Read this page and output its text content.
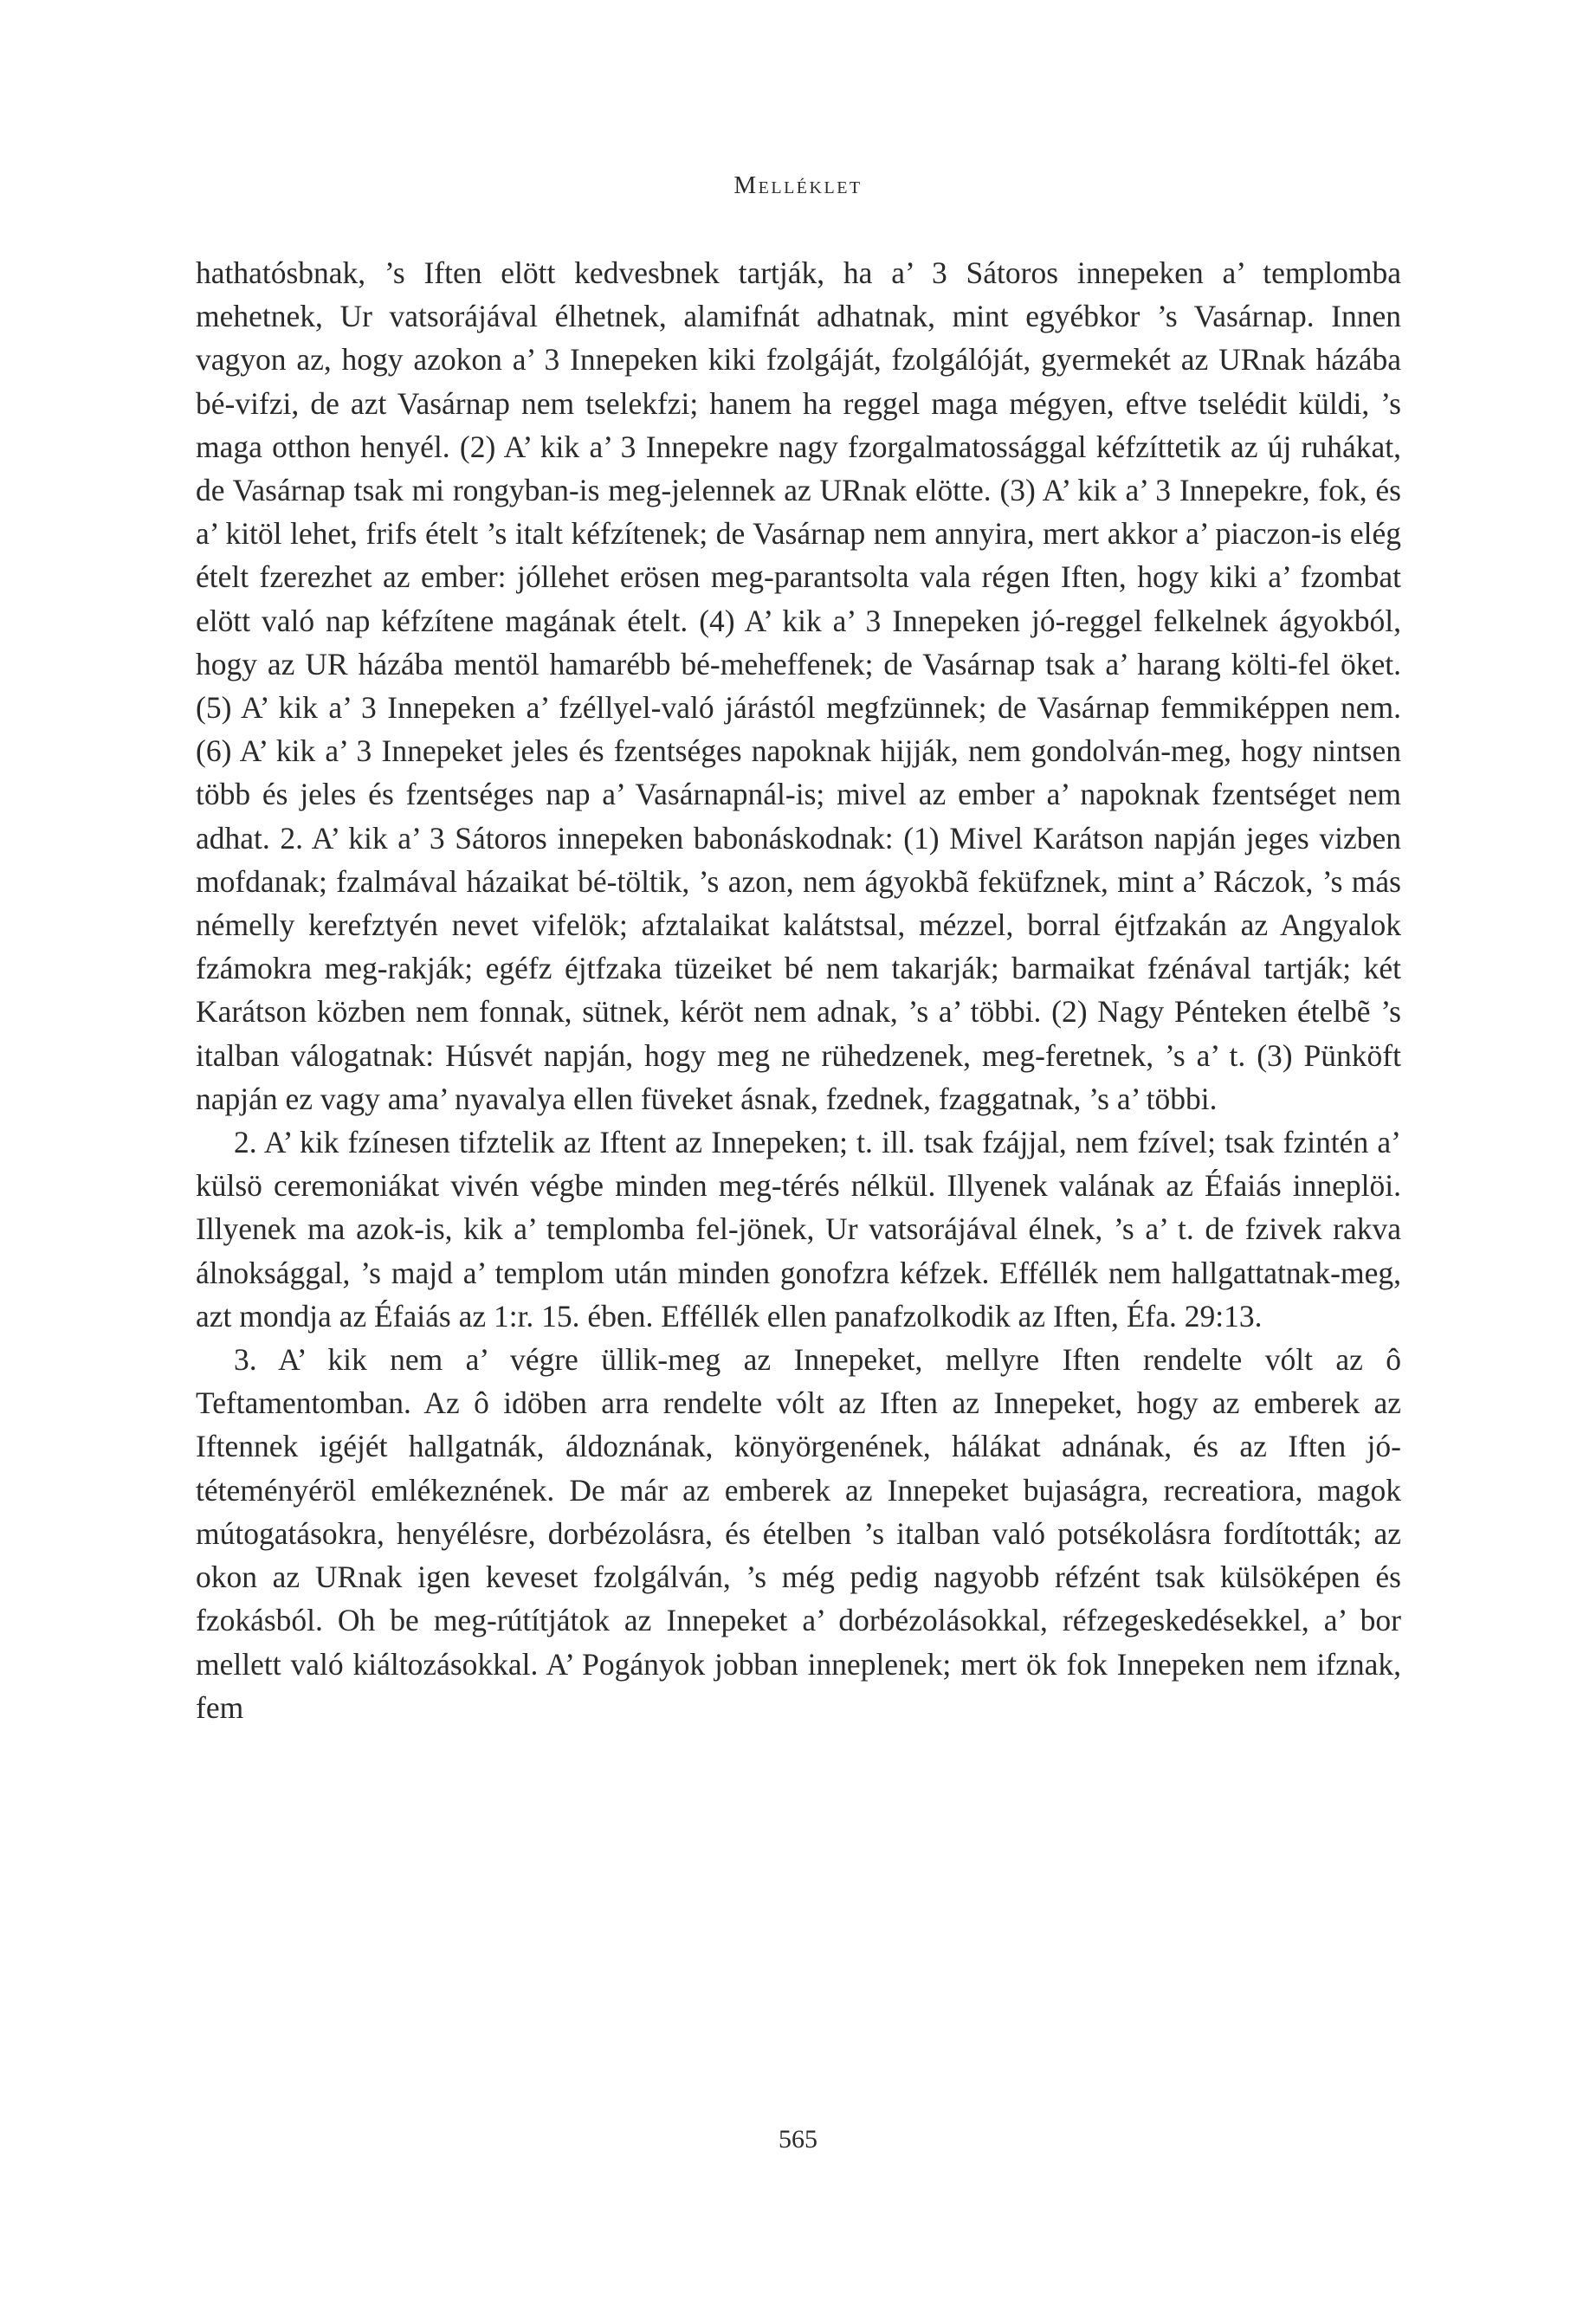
Melléklet

hathatósbnak, ’s Iften elött kedvesbnek tartják, ha a’ 3 Sátoros innepeken a’ templomba mehetnek, Ur vatsorájával élhetnek, alamifnát adhatnak, mint egyébkor ’s Vasárnap. Innen vagyon az, hogy azokon a’ 3 Innepeken kiki fzolgáját, fzolgálóját, gyermekét az URnak házába bé-vifzi, de azt Vasárnap nem tselekfzi; hanem ha reggel maga mégyen, eftve tselédit küldi, ’s maga otthon henyél. (2) A’ kik a’ 3 Innepekre nagy fzorgalmatossággal kéfzíttetik az új ruhákat, de Vasárnap tsak mi rongyban-is meg-jelennek az URnak elötte. (3) A’ kik a’ 3 Innepekre, fok, és a’ kitöl lehet, frifs ételt ’s italt kéfzítenek; de Vasárnap nem annyira, mert akkor a’ piaczon-is elég ételt fzerezhet az ember: jóllehet erösen meg-parantsolta vala régen Iften, hogy kiki a’ fzombat elött való nap kéfzítene magának ételt. (4) A’ kik a’ 3 Innepeken jó-reggel felkelnek ágyokból, hogy az UR házába mentöl hamarébb bé-meheffenek; de Vasárnap tsak a’ harang költi-fel öket. (5) A’ kik a’ 3 Innepeken a’ fzéllyel-való járástól megfzünnek; de Vasárnap femmiképpen nem. (6) A’ kik a’ 3 Innepeket jeles és fzentséges napoknak hijják, nem gondolván-meg, hogy nintsen több és jeles és fzentséges nap a’ Vasárnapnál-is; mivel az ember a’ napoknak fzentséget nem adhat. 2. A’ kik a’ 3 Sátoros innepeken babonáskodnak: (1) Mivel Karátson napján jeges vizben mofdanak; fzalmával házaikat bé-töltik, ’s azon, nem ágyokbã feküfznek, mint a’ Ráczok, ’s más némelly kerefztyén nevet vifelök; afztalaikat kalátstsal, mézzel, borral éjtfzakán az Angyalok fzámokra meg-rakják; egéfz éjtfzaka tüzeiket bé nem takarják; barmaikat fzénával tartják; két Karátson közben nem fonnak, sütnek, kéröt nem adnak, ’s a’ többi. (2) Nagy Pénteken ételbẽ ’s italban válogatnak: Húsvét napján, hogy meg ne rühedzenek, meg-feretnek, ’s a’ t. (3) Pünköft napján ez vagy ama’ nyavalya ellen füveket ásnak, fzednek, fzaggatnak, ’s a’ többi.

2. A’ kik fzínesen tifztelik az Iftent az Innepeken; t. ill. tsak fzájjal, nem fzível; tsak fzintén a’ külsö ceremoniákat vivén végbe minden meg-térés nélkül. Illyenek valának az Éfaiás inneplöi. Illyenek ma azok-is, kik a’ templomba fel-jönek, Ur vatsorájával élnek, ’s a’ t. de fzivek rakva álnoksággal, ’s majd a’ templom után minden gonofzra kéfzek. Efféllék nem hallgattatnak-meg, azt mondja az Éfaiás az 1:r. 15. ében. Efféllék ellen panafzolkodik az Iften, Éfa. 29:13.

3. A’ kik nem a’ végre üllik-meg az Innepeket, mellyre Iften rendelte vólt az ô Teftamentomban. Az ô idöben arra rendelte vólt az Iften az Innepeket, hogy az emberek az Iftennek igéjét hallgatnák, áldoznának, könyörgenének, hálákat adnának, és az Iften jó-téteményéröl emlékeznének. De már az emberek az Innepeket bujaságra, recreatiora, magok mútogatásokra, henyélésre, dorbézolásra, és ételben ’s italban való potsékolásra fordították; az okon az URnak igen keveset fzolgálván, ’s még pedig nagyobb réfzént tsak külsöképen és fzokásból. Oh be meg-rútítjátok az Innepeket a’ dorbézolásokkal, réfzegeskedésekkel, a’ bor mellett való kiáltozásokkal. A’ Pogányok jobban inneplenek; mert ök fok Innepeken nem ifznak, fem

565
